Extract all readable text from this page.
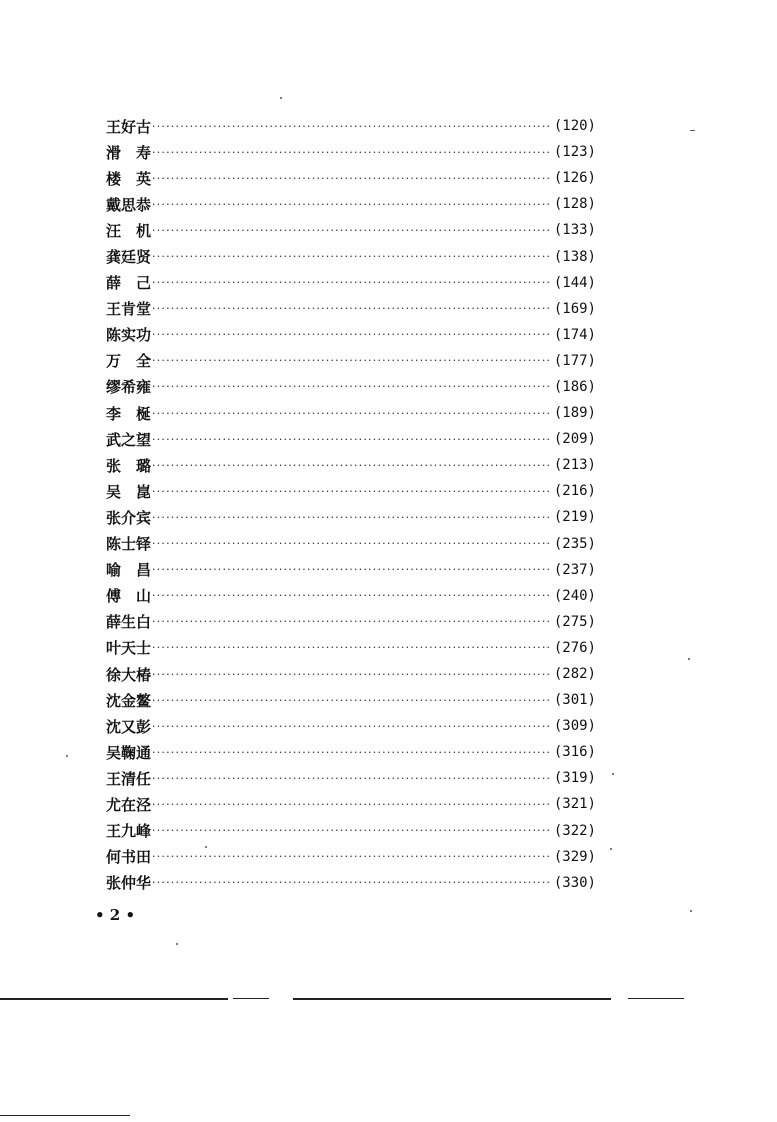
王好古 ·····	(120)
滑　寿 ·····	(123)
楼　英 ·····	(126)
戴思恭 ·····	(128)
汪　机 ·····	(133)
龚廷贤 ·····	(138)
薛　己 ·····	(144)
王肯堂 ·····	(169)
陈实功 ·····	(174)
万　全 ·····	(177)
缪希雍 ·····	(186)
李　梴 ·····	(189)
武之望 ·····	(209)
张　璐 ·····	(213)
吴　崑 ·····	(216)
张介宾 ·····	(219)
陈士铎 ·····	(235)
喻　昌 ·····	(237)
傅　山 ·····	(240)
薛生白 ·····	(275)
叶天士 ·····	(276)
徐大椿 ·····	(282)
沈金鳌 ·····	(301)
沈又彭 ·····	(309)
吴鞠通 ·····	(316)
王清任 ·····	(319)
尤在泾 ·····	(321)
王九峰 ·····	(322)
何书田 ·····	(329)
张仲华 ·····	(330)
• 2 •
